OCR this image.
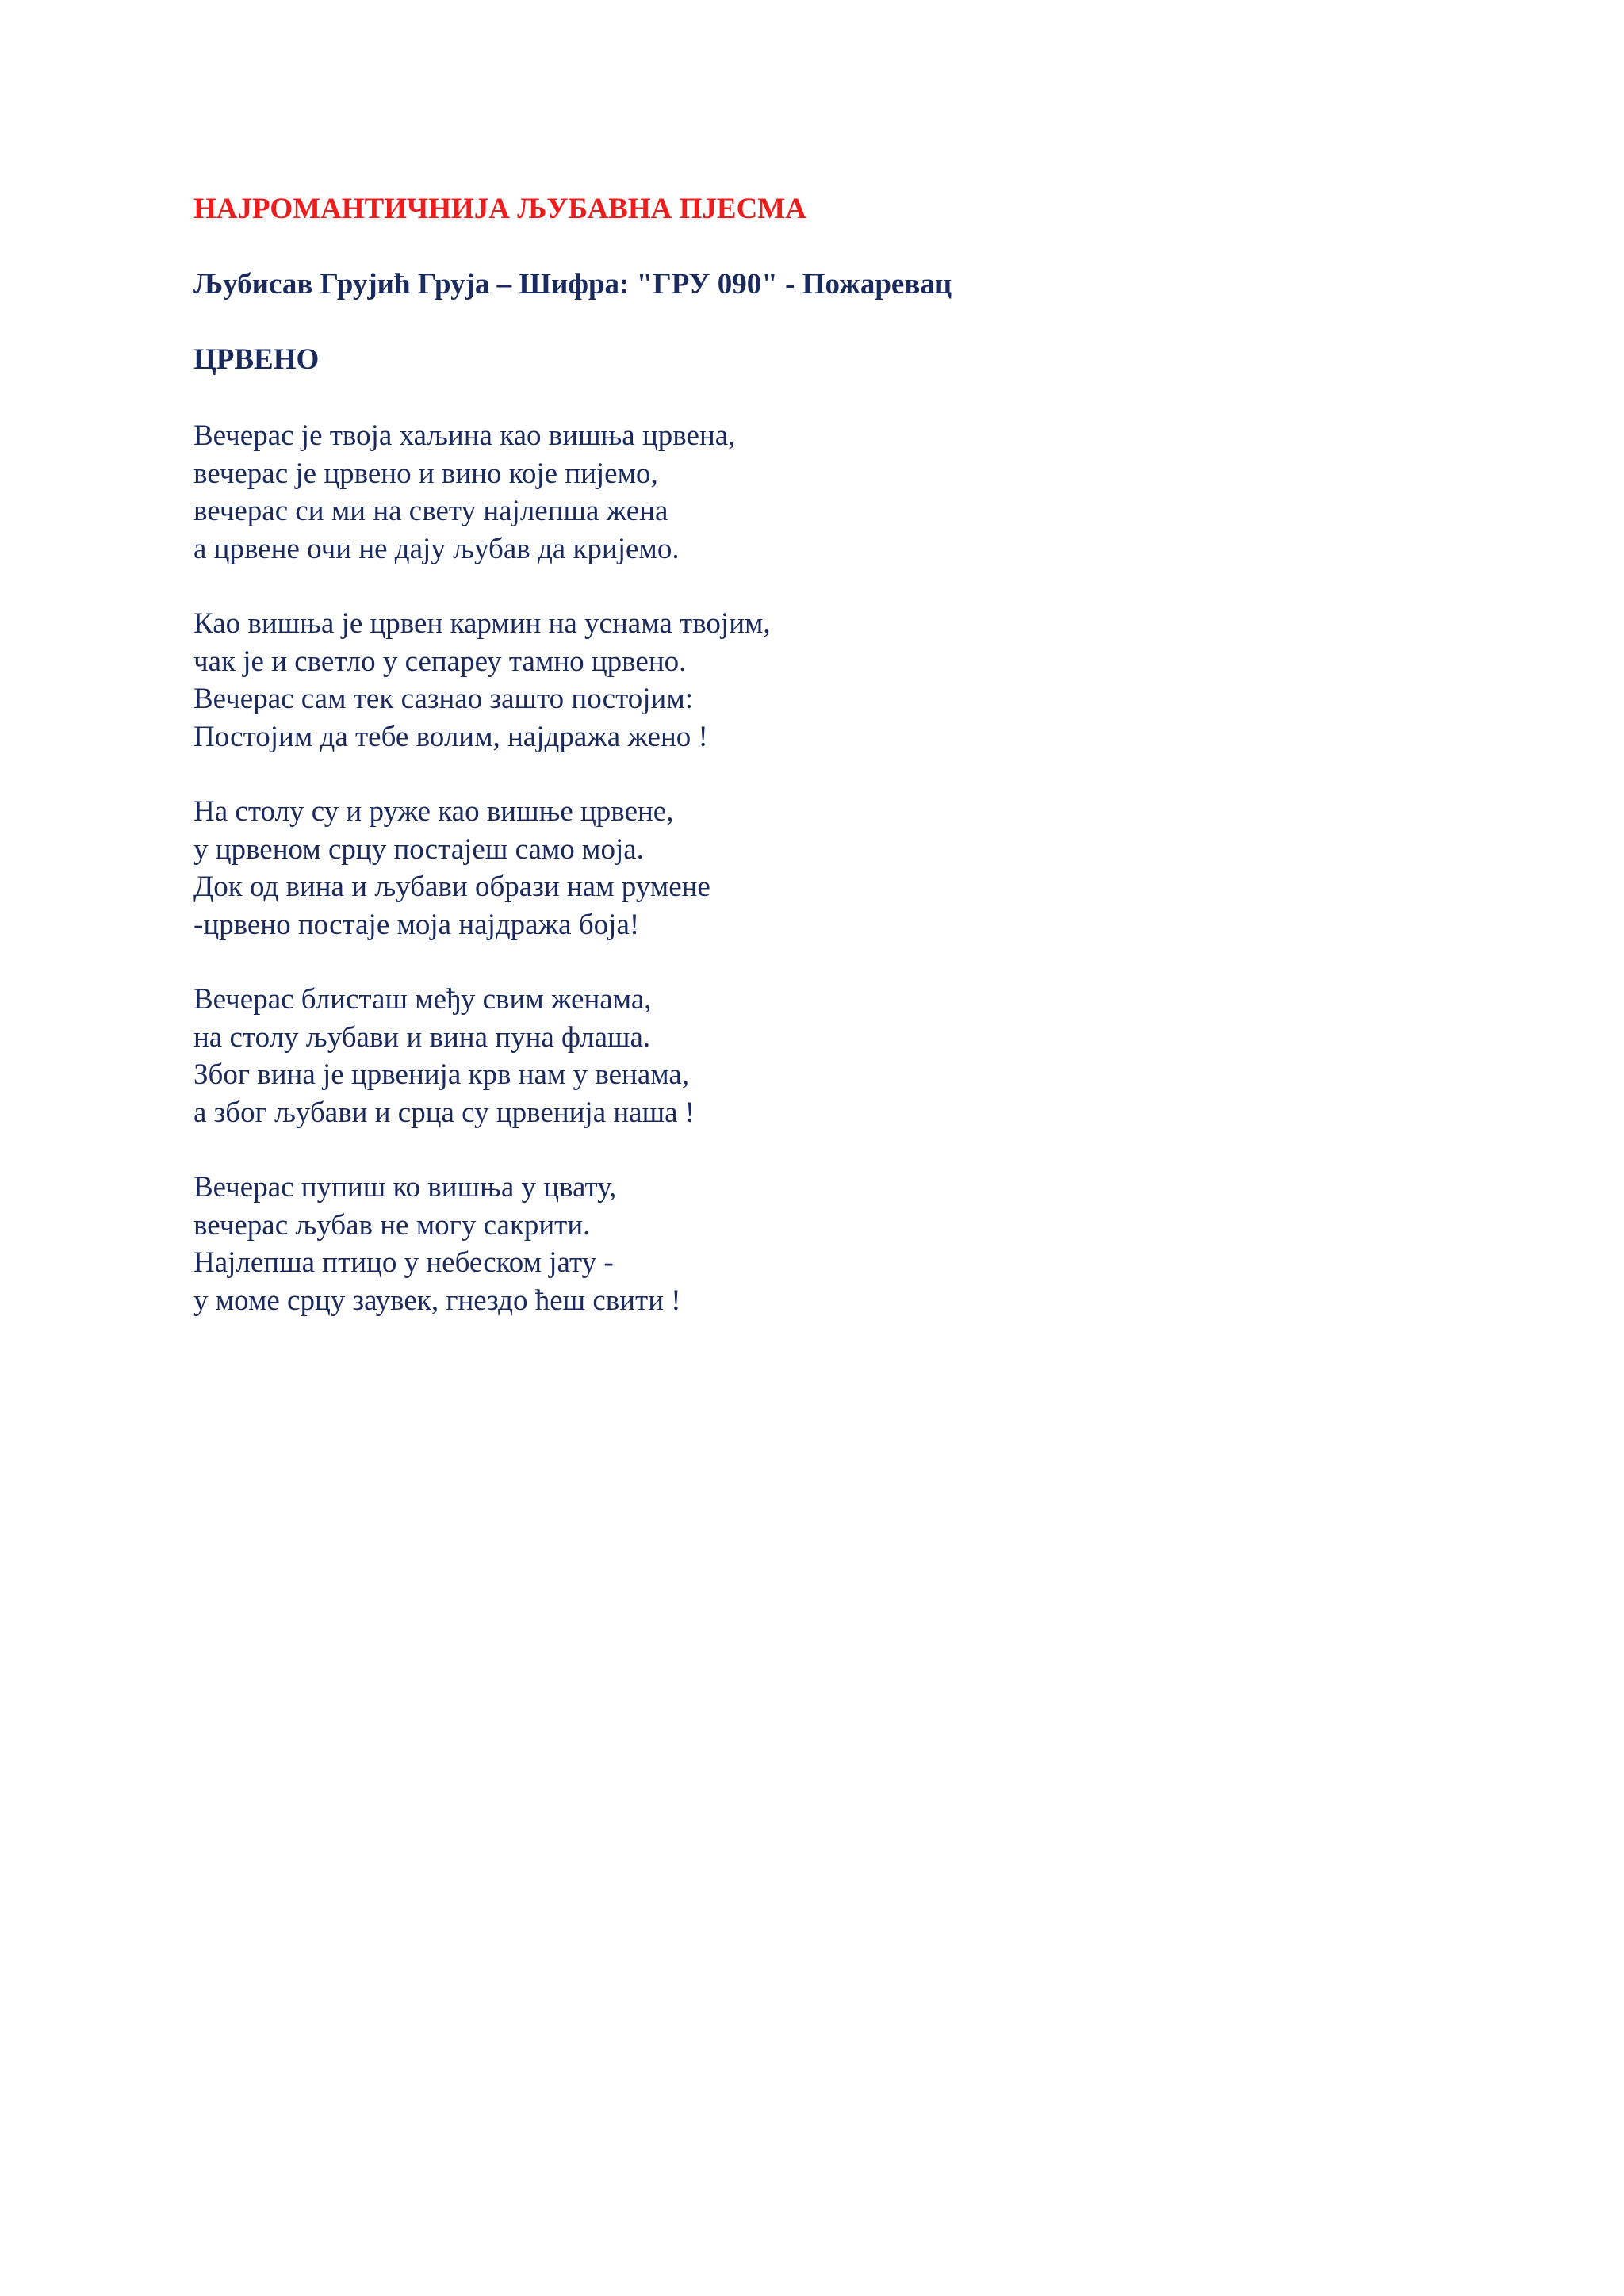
НАЈРОМАНТИЧНИЈА ЉУБАВНА ПЈЕСМА

Љубисав Грујић Груја – Шифра: "ГРУ 090" - Пожаревац

ЦРВЕНО

Вечерас је твоја хаљина као вишња црвена,
вечерас је црвено и вино које пијемо,
вечерас си ми на свету најлепша жена
а црвене очи не дају љубав да кријемо.
Као вишња је црвен кармин на уснама твојим,
чак је и светло у сепареу тамно црвено.
Вечерас сам тек сазнао зашто постојим:
Постојим да тебе волим, најдража жено !
На столу су и руже као вишње црвене,
у црвеном срцу постајеш само моја.
Док од вина и љубави образи нам румене
-црвено постаје моја најдража боја!
Вечерас блисташ међу свим женама,
на столу љубави и вина пуна флаша.
Због вина је црвенија крв нам у венама,
а због љубави и срца су црвенија наша !
Вечерас пупиш ко вишња у цвату,
вечерас љубав не могу сакрити.
Најлепша птицо у небеском јату -
у моме срцу заувек, гнездо ћеш свити !
